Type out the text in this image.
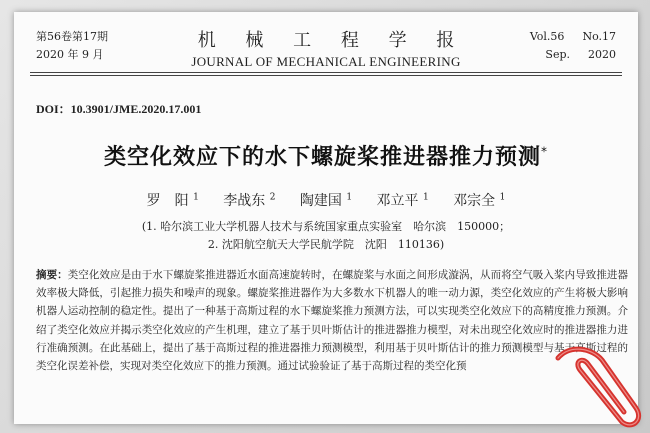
第56卷第17期
2020 年 9 月
机 械 工 程 学 报
JOURNAL OF MECHANICAL ENGINEERING
Vol.56 No.17
Sep. 2020
DOI：10.3901/JME.2020.17.001
类空化效应下的水下螺旋桨推进器推力预测*
罗　阳 $^1$ 李战东 $^2$ 陶建国 $^1$ 邓立平 $^1$ 邓宗全 $^1$
(1. 哈尔滨工业大学机器人技术与系统国家重点实验室　哈尔滨　150000；
2. 沈阳航空航天大学民航学院　沈阳　110136)
摘要：类空化效应是由于水下螺旋桨推进器近水面高速旋转时，在螺旋桨与水面之间形成漩涡，从而将空气吸入桨内导致推进器效率极大降低，引起推力损失和噪声的现象。螺旋桨推进器作为大多数水下机器人的唯一动力源，类空化效应的产生将极大影响机器人运动控制的稳定性。提出了一种基于高斯过程的水下螺旋桨推力预测方法，可以实现类空化效应下的高精度推力预测。介绍了类空化效应并揭示类空化效应的产生机理，建立了基于贝叶斯估计的推进器推力模型，对未出现空化效应时的推进器推力进行准确预测。在此基础上，提出了基于高斯过程的推进器推力预测模型，利用基于贝叶斯估计的推力预测模型与基于高斯过程的类空化误差补偿，实现对类空化效应下的推力预测。通过试验验证了基于高斯过程的类空化预
